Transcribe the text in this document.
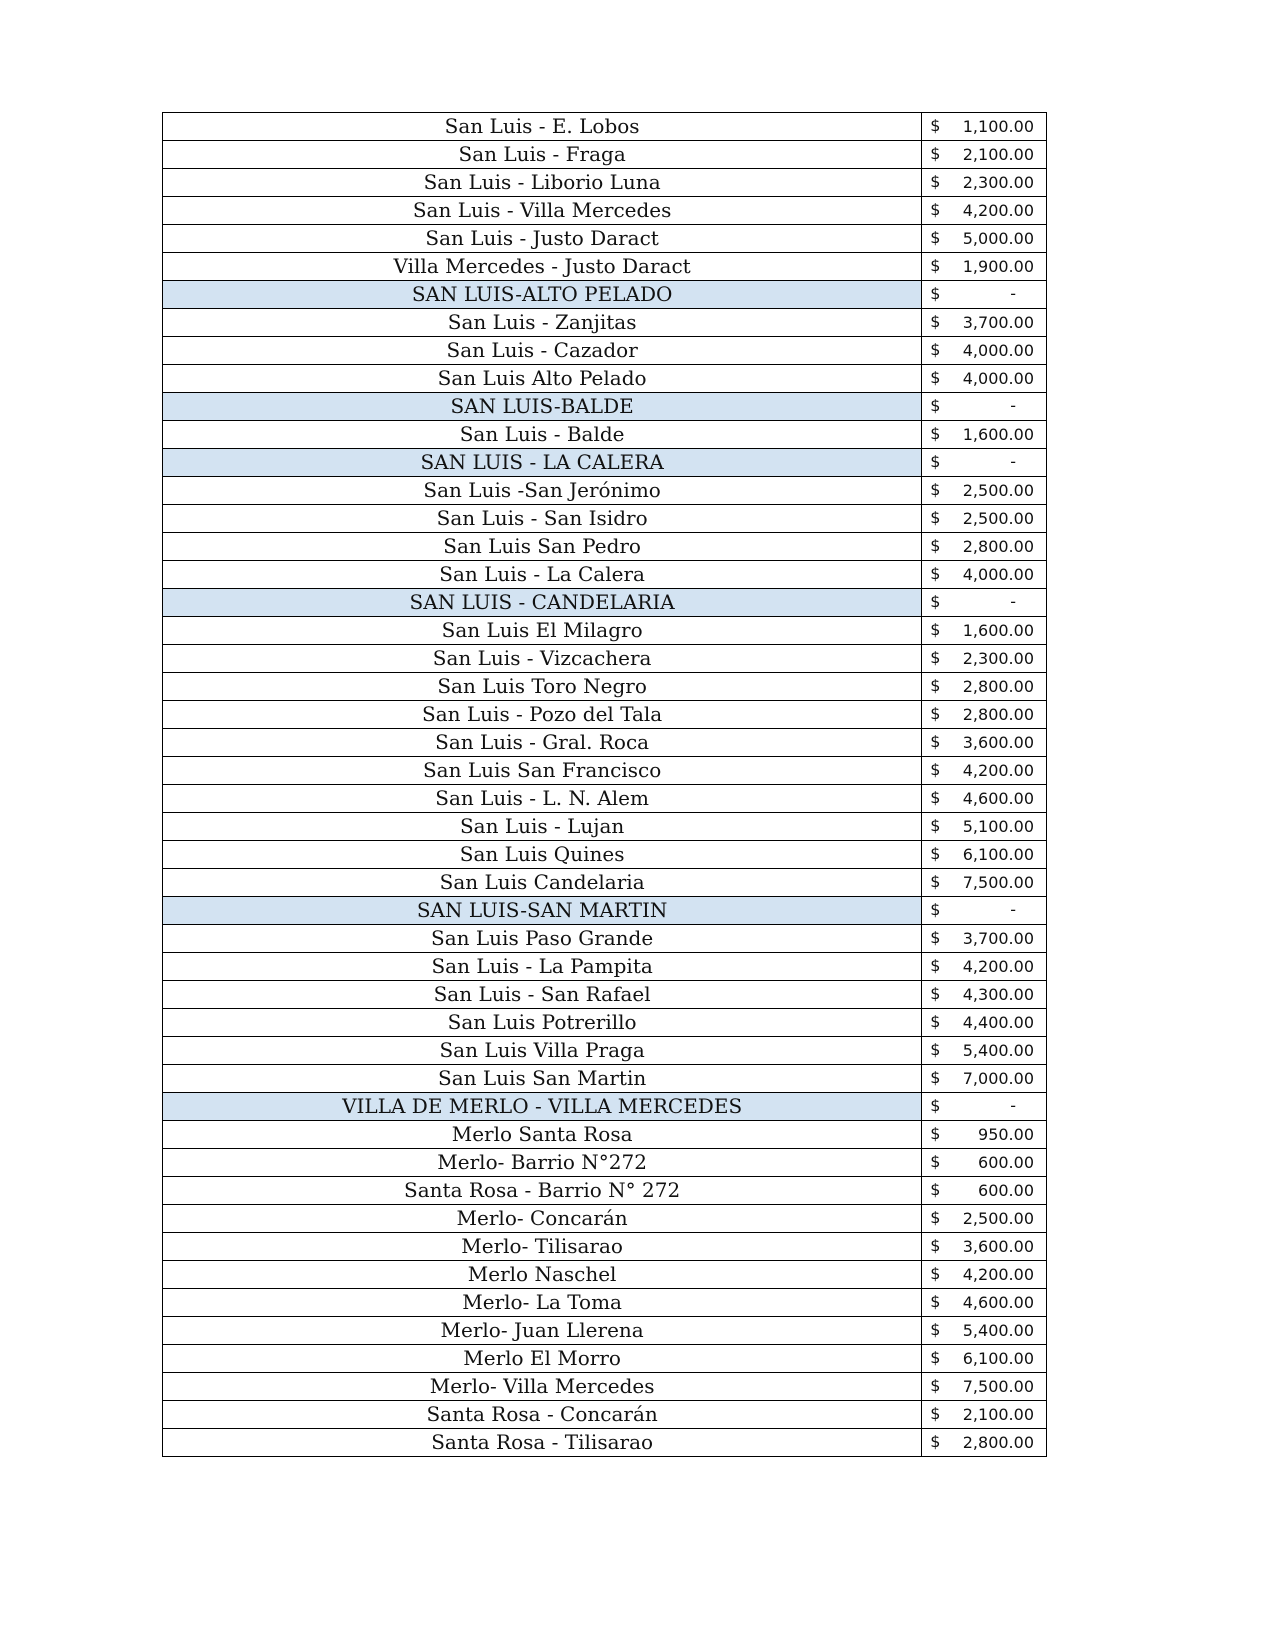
San Luis - E. Lobos	$ 1,100.00

San Luis - Fraga	$ 2,100.00

San Luis - Liborio Luna	$ 2,300.00

San Luis - Villa Mercedes	$ 4,200.00

San Luis - Justo Daract	$ 5,000.00

Villa Mercedes - Justo Daract	$ 1,900.00

SAN LUIS-ALTO PELADO	$ -

San Luis - Zanjitas	$ 3,700.00

San Luis - Cazador	$ 4,000.00

San Luis Alto Pelado	$ 4,000.00

SAN LUIS-BALDE	$ -

San Luis - Balde	$ 1,600.00

SAN LUIS - LA CALERA	$ -

San Luis -San Jerónimo	$ 2,500.00

San Luis - San Isidro	$ 2,500.00

San Luis San Pedro	$ 2,800.00

San Luis - La Calera	$ 4,000.00

SAN LUIS - CANDELARIA	$ -

San Luis El Milagro	$ 1,600.00

San Luis - Vizcachera	$ 2,300.00

San Luis Toro Negro	$ 2,800.00

San Luis - Pozo del Tala	$ 2,800.00

San Luis - Gral. Roca	$ 3,600.00

San Luis San Francisco	$ 4,200.00

San Luis - L. N. Alem	$ 4,600.00

San Luis - Lujan	$ 5,100.00

San Luis Quines	$ 6,100.00

San Luis Candelaria	$ 7,500.00

SAN LUIS-SAN MARTIN	$ -

San Luis Paso Grande	$ 3,700.00

San Luis - La Pampita	$ 4,200.00

San Luis - San Rafael	$ 4,300.00

San Luis Potrerillo	$ 4,400.00

San Luis Villa Praga	$ 5,400.00

San Luis San Martin	$ 7,000.00

VILLA DE MERLO - VILLA MERCEDES	$ -

Merlo Santa Rosa	$ 950.00

Merlo- Barrio N°272	$ 600.00

Santa Rosa - Barrio N° 272	$ 600.00

Merlo- Concarán	$ 2,500.00

Merlo- Tilisarao	$ 3,600.00

Merlo Naschel	$ 4,200.00

Merlo- La Toma	$ 4,600.00

Merlo- Juan Llerena	$ 5,400.00

Merlo El Morro	$ 6,100.00

Merlo- Villa Mercedes	$ 7,500.00

Santa Rosa - Concarán	$ 2,100.00

Santa Rosa - Tilisarao	$ 2,800.00
